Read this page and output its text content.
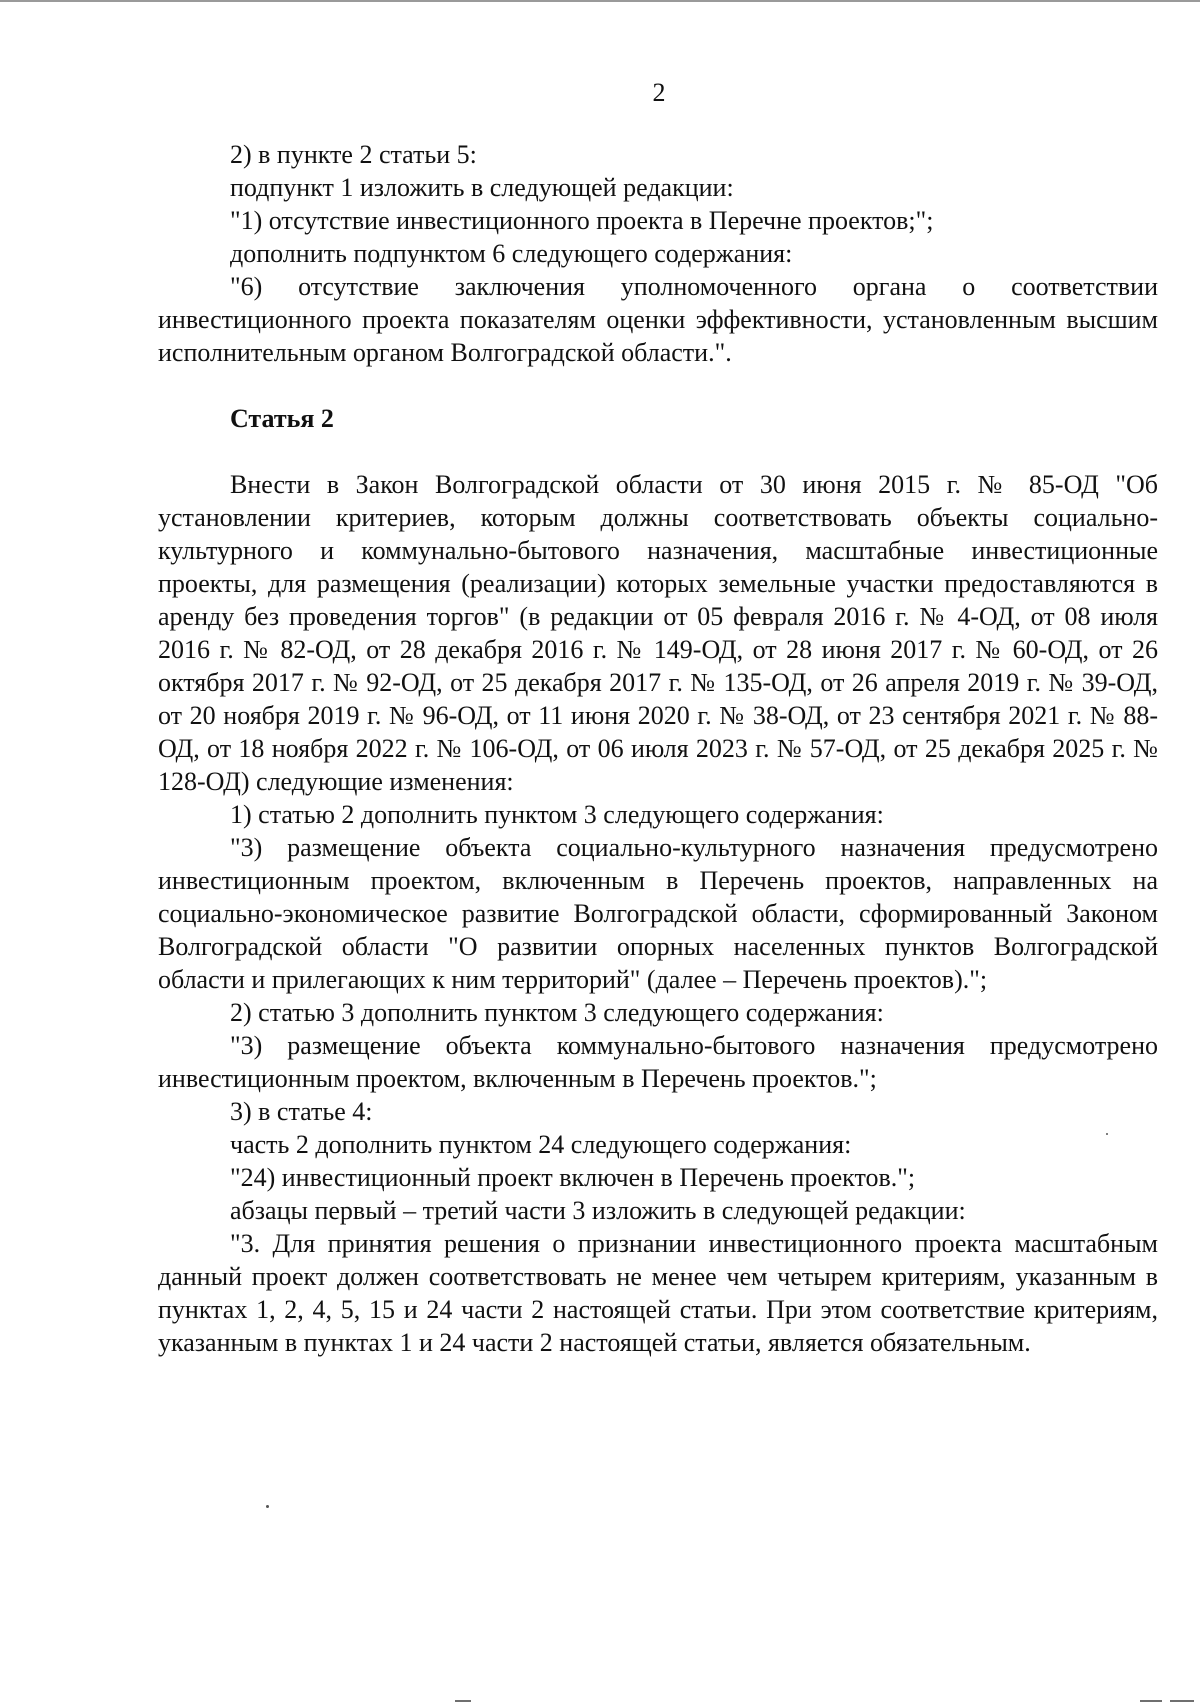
2

2) в пункте 2 статьи 5:

подпункт 1 изложить в следующей редакции:

"1) отсутствие инвестиционного проекта в Перечне проектов;";

дополнить подпунктом 6 следующего содержания:

"6) отсутствие заключения уполномоченного органа о соответствии инвестиционного проекта показателям оценки эффективности, установленным высшим исполнительным органом Волгоградской области.".

Статья 2

Внести в Закон Волгоградской области от 30 июня 2015 г. № 85-ОД "Об установлении критериев, которым должны соответствовать объекты социально-культурного и коммунально-бытового назначения, масштабные инвестиционные проекты, для размещения (реализации) которых земельные участки предоставляются в аренду без проведения торгов" (в редакции от 05 февраля 2016 г. № 4-ОД, от 08 июля 2016 г. № 82-ОД, от 28 декабря 2016 г. № 149-ОД, от 28 июня 2017 г. № 60-ОД, от 26 октября 2017 г. № 92-ОД, от 25 декабря 2017 г. № 135-ОД, от 26 апреля 2019 г. № 39-ОД, от 20 ноября 2019 г. № 96-ОД, от 11 июня 2020 г. № 38-ОД, от 23 сентября 2021 г. № 88-ОД, от 18 ноября 2022 г. № 106-ОД, от 06 июля 2023 г. № 57-ОД, от 25 декабря 2025 г. № 128-ОД) следующие изменения:

1) статью 2 дополнить пунктом 3 следующего содержания:

"3) размещение объекта социально-культурного назначения предусмотрено инвестиционным проектом, включенным в Перечень проектов, направленных на социально-экономическое развитие Волгоградской области, сформированный Законом Волгоградской области "О развитии опорных населенных пунктов Волгоградской области и прилегающих к ним территорий" (далее – Перечень проектов).";

2) статью 3 дополнить пунктом 3 следующего содержания:

"3) размещение объекта коммунально-бытового назначения предусмотрено инвестиционным проектом, включенным в Перечень проектов.";

3) в статье 4:

часть 2 дополнить пунктом 24 следующего содержания:

"24) инвестиционный проект включен в Перечень проектов.";

абзацы первый – третий части 3 изложить в следующей редакции:

"3. Для принятия решения о признании инвестиционного проекта масштабным данный проект должен соответствовать не менее чем четырем критериям, указанным в пунктах 1, 2, 4, 5, 15 и 24 части 2 настоящей статьи. При этом соответствие критериям, указанным в пунктах 1 и 24 части 2 настоящей статьи, является обязательным.
